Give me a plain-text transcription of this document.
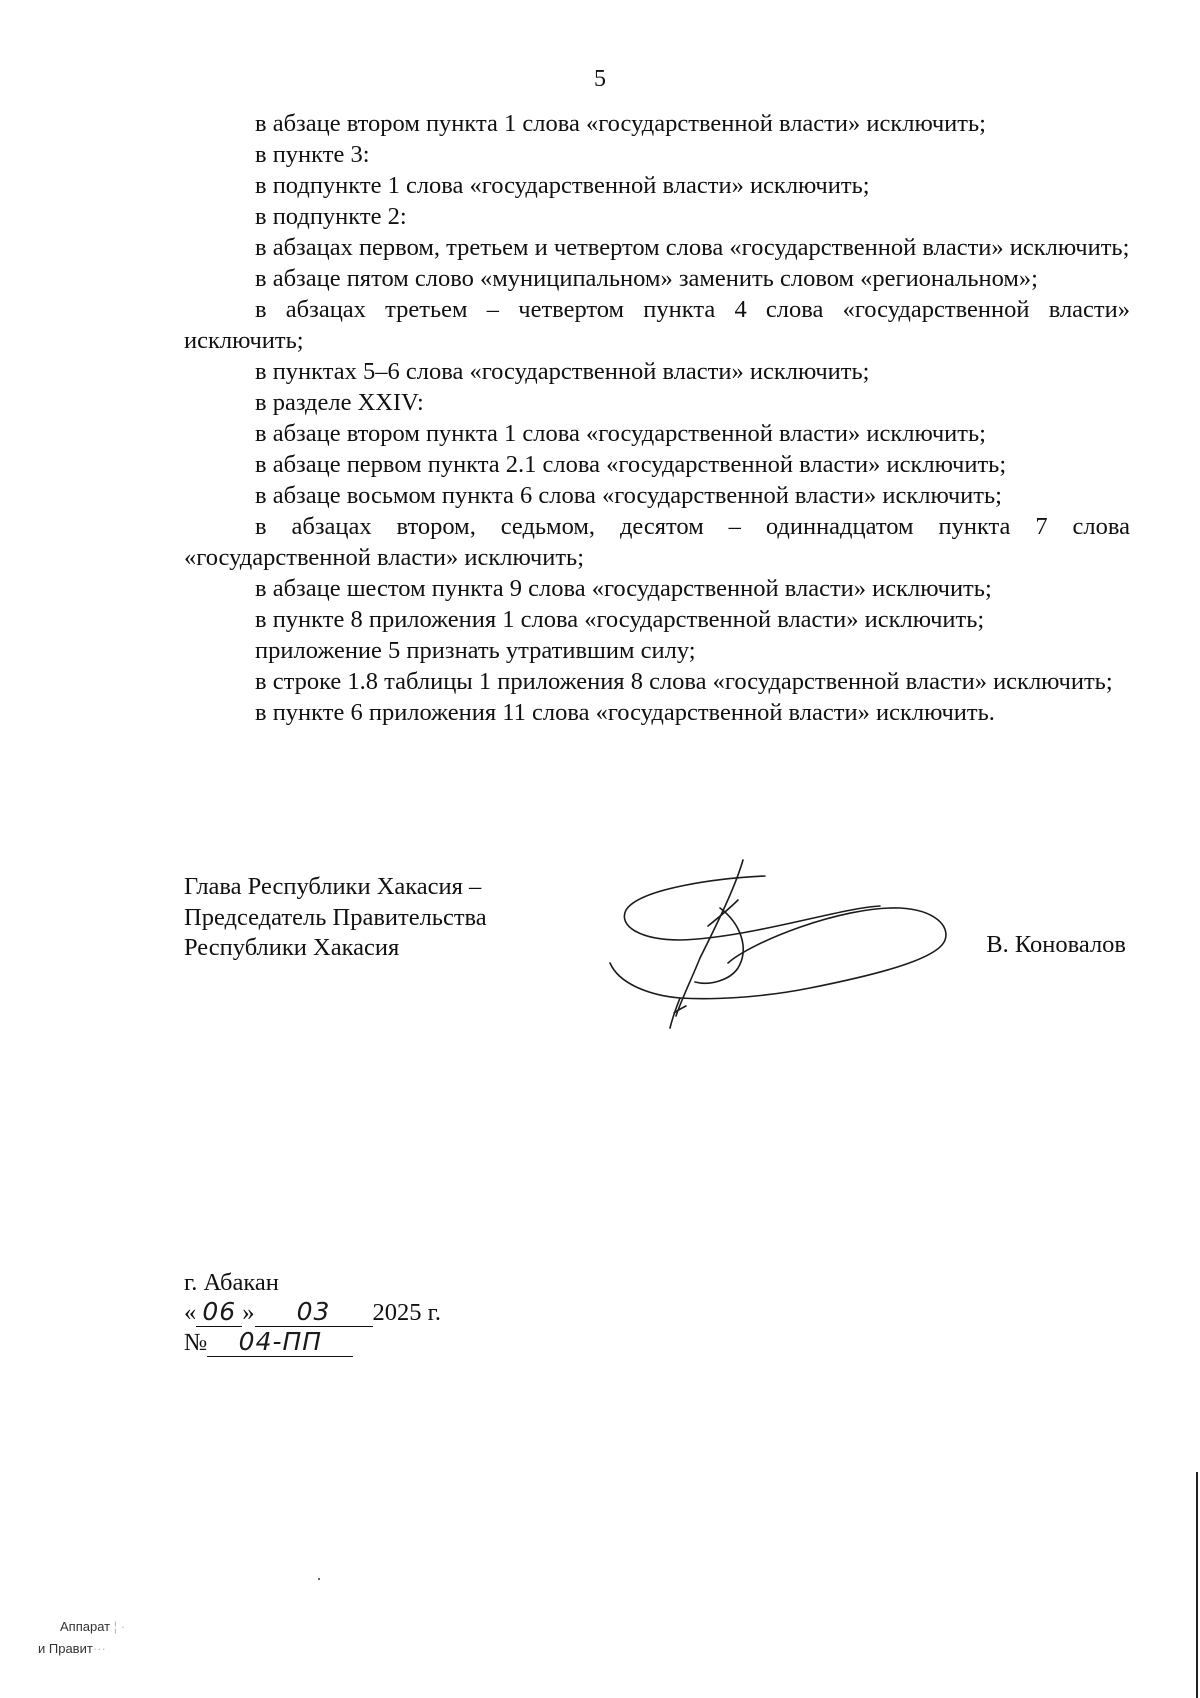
5

в абзаце втором пункта 1 слова «государственной власти» исключить;

в пункте 3:

в подпункте 1 слова «государственной власти» исключить;

в подпункте 2:

в абзацах первом, третьем и четвертом слова «государственной власти» исключить;

в абзаце пятом слово «муниципальном» заменить словом «региональном»;

в абзацах третьем – четвертом пункта 4 слова «государственной власти» исключить;

в пунктах 5–6 слова «государственной власти» исключить;

в разделе XXIV:

в абзаце втором пункта 1 слова «государственной власти» исключить;

в абзаце первом пункта 2.1 слова «государственной власти» исключить;

в абзаце восьмом пункта 6 слова «государственной власти» исключить;

в абзацах втором, седьмом, десятом – одиннадцатом пункта 7 слова «государственной власти» исключить;

в абзаце шестом пункта 9 слова «государственной власти» исключить;

в пункте 8 приложения 1 слова «государственной власти» исключить;

приложение 5 признать утратившим силу;

в строке 1.8 таблицы 1 приложения 8 слова «государственной власти» исключить;

в пункте 6 приложения 11 слова «государственной власти» исключить.

Глава Республики Хакасия –
Председатель Правительства
Республики Хакасия	В. Коновалов
г. Абакан
« 06 » 03 2025 г.
№ 04-ПП
Аппарат ¦ ·
и Правит···
